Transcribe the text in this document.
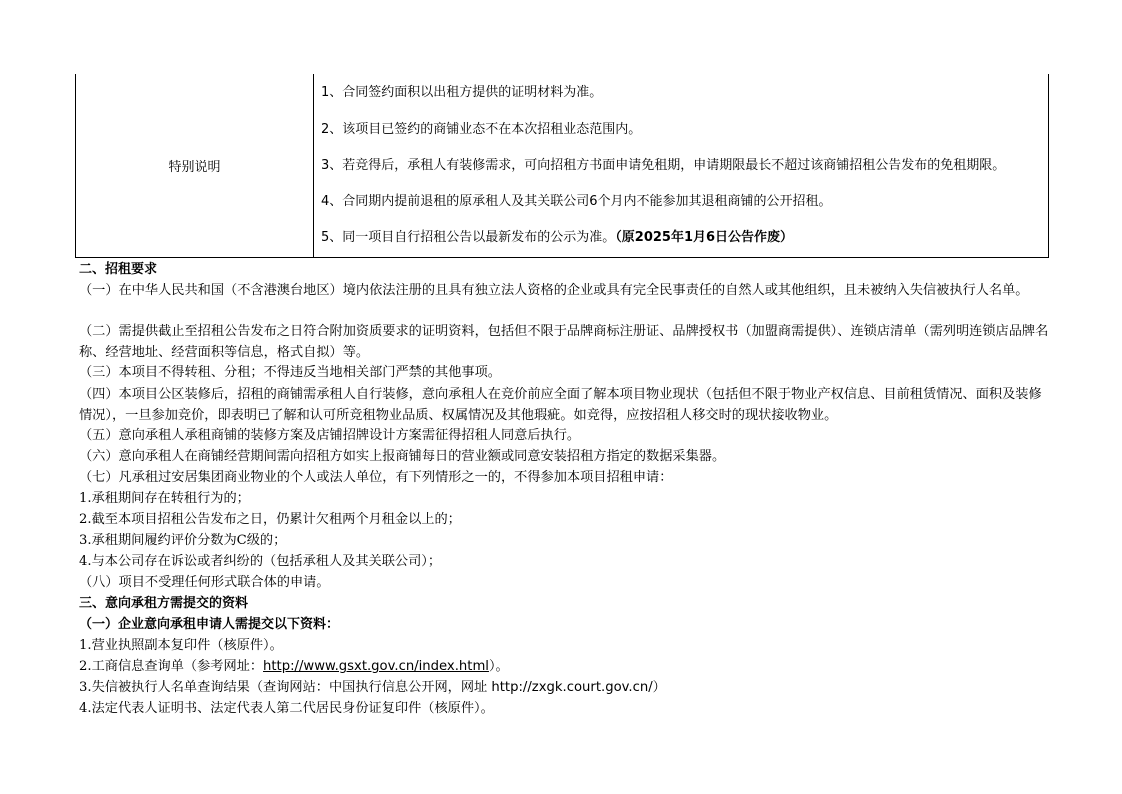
特别说明
1、合同签约面积以出租方提供的证明材料为准。
2、该项目已签约的商铺业态不在本次招租业态范围内。
3、若竞得后，承租人有装修需求，可向招租方书面申请免租期，申请期限最长不超过该商铺招租公告发布的免租期限。
4、合同期内提前退租的原承租人及其关联公司6个月内不能参加其退租商铺的公开招租。
5、同一项目自行招租公告以最新发布的公示为准。（原2025年1月6日公告作废）
二、招租要求
（一）在中华人民共和国（不含港澳台地区）境内依法注册的且具有独立法人资格的企业或具有完全民事责任的自然人或其他组织，且未被纳入失信被执行人名单。
（二）需提供截止至招租公告发布之日符合附加资质要求的证明资料，包括但不限于品牌商标注册证、品牌授权书（加盟商需提供）、连锁店清单（需列明连锁店品牌名称、经营地址、经营面积等信息，格式自拟）等。
（三）本项目不得转租、分租；不得违反当地相关部门严禁的其他事项。
（四）本项目公区装修后，招租的商铺需承租人自行装修，意向承租人在竞价前应全面了解本项目物业现状（包括但不限于物业产权信息、目前租赁情况、面积及装修情况），一旦参加竞价，即表明已了解和认可所竞租物业品质、权属情况及其他瑕疵。如竞得，应按招租人移交时的现状接收物业。
（五）意向承租人承租商铺的装修方案及店铺招牌设计方案需征得招租人同意后执行。
（六）意向承租人在商铺经营期间需向招租方如实上报商铺每日的营业额或同意安装招租方指定的数据采集器。
（七）凡承租过安居集团商业物业的个人或法人单位，有下列情形之一的，不得参加本项目招租申请：
1.承租期间存在转租行为的；
2.截至本项目招租公告发布之日，仍累计欠租两个月租金以上的；
3.承租期间履约评价分数为C级的；
4.与本公司存在诉讼或者纠纷的（包括承租人及其关联公司）；
（八）项目不受理任何形式联合体的申请。
三、意向承租方需提交的资料
（一）企业意向承租申请人需提交以下资料：
1.营业执照副本复印件（核原件）。
2.工商信息查询单（参考网址：http://www.gsxt.gov.cn/index.html）。
3.失信被执行人名单查询结果（查询网站：中国执行信息公开网，网址 http://zxgk.court.gov.cn/）
4.法定代表人证明书、法定代表人第二代居民身份证复印件（核原件）。
